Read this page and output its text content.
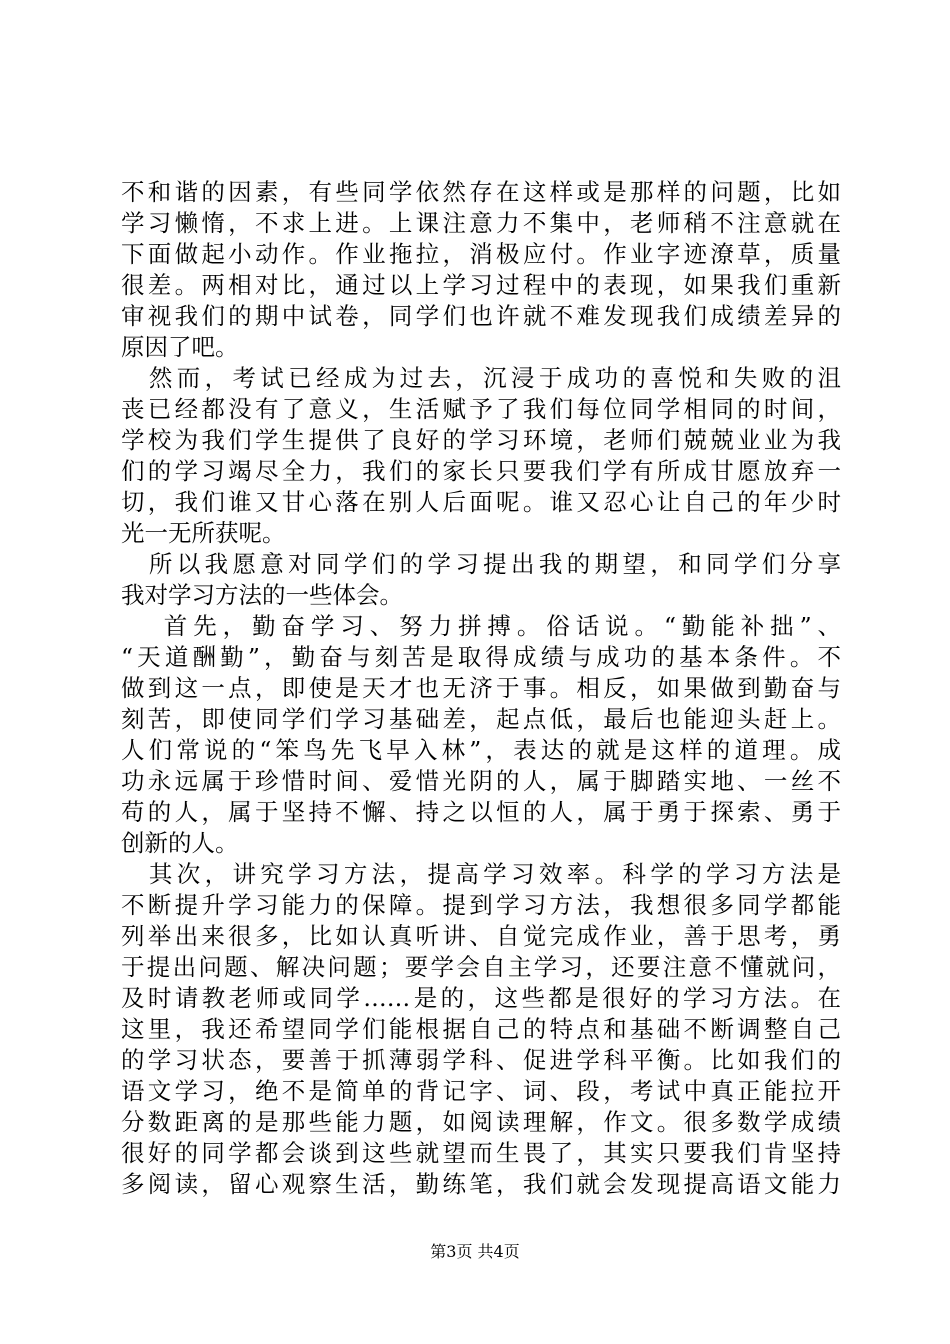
不和谐的因素，有些同学依然存在这样或是那样的问题，比如
学习懒惰，不求上进。上课注意力不集中，老师稍不注意就在
下面做起小动作。作业拖拉，消极应付。作业字迹潦草，质量
很差。两相对比，通过以上学习过程中的表现，如果我们重新
审视我们的期中试卷，同学们也许就不难发现我们成绩差异的
原因了吧。
　然而，考试已经成为过去，沉浸于成功的喜悦和失败的沮
丧已经都没有了意义，生活赋予了我们每位同学相同的时间，
学校为我们学生提供了良好的学习环境，老师们兢兢业业为我
们的学习竭尽全力，我们的家长只要我们学有所成甘愿放弃一
切，我们谁又甘心落在别人后面呢。谁又忍心让自己的年少时
光一无所获呢。
　所以我愿意对同学们的学习提出我的期望，和同学们分享
我对学习方法的一些体会。
　 首先，勤奋学习、努力拼搏。俗话说。“勤能补拙”、
“天道酬勤”，勤奋与刻苦是取得成绩与成功的基本条件。不
做到这一点，即使是天才也无济于事。相反，如果做到勤奋与
刻苦，即使同学们学习基础差，起点低，最后也能迎头赶上。
人们常说的“笨鸟先飞早入林”，表达的就是这样的道理。成
功永远属于珍惜时间、爱惜光阴的人，属于脚踏实地、一丝不
苟的人，属于坚持不懈、持之以恒的人，属于勇于探索、勇于
创新的人。
　其次，讲究学习方法，提高学习效率。科学的学习方法是
不断提升学习能力的保障。提到学习方法，我想很多同学都能
列举出来很多，比如认真听讲、自觉完成作业，善于思考，勇
于提出问题、解决问题；要学会自主学习，还要注意不懂就问，
及时请教老师或同学……是的，这些都是很好的学习方法。在
这里，我还希望同学们能根据自己的特点和基础不断调整自己
的学习状态，要善于抓薄弱学科、促进学科平衡。比如我们的
语文学习，绝不是简单的背记字、词、段，考试中真正能拉开
分数距离的是那些能力题，如阅读理解，作文。很多数学成绩
很好的同学都会谈到这些就望而生畏了，其实只要我们肯坚持
多阅读，留心观察生活，勤练笔，我们就会发现提高语文能力
第3页 共4页
